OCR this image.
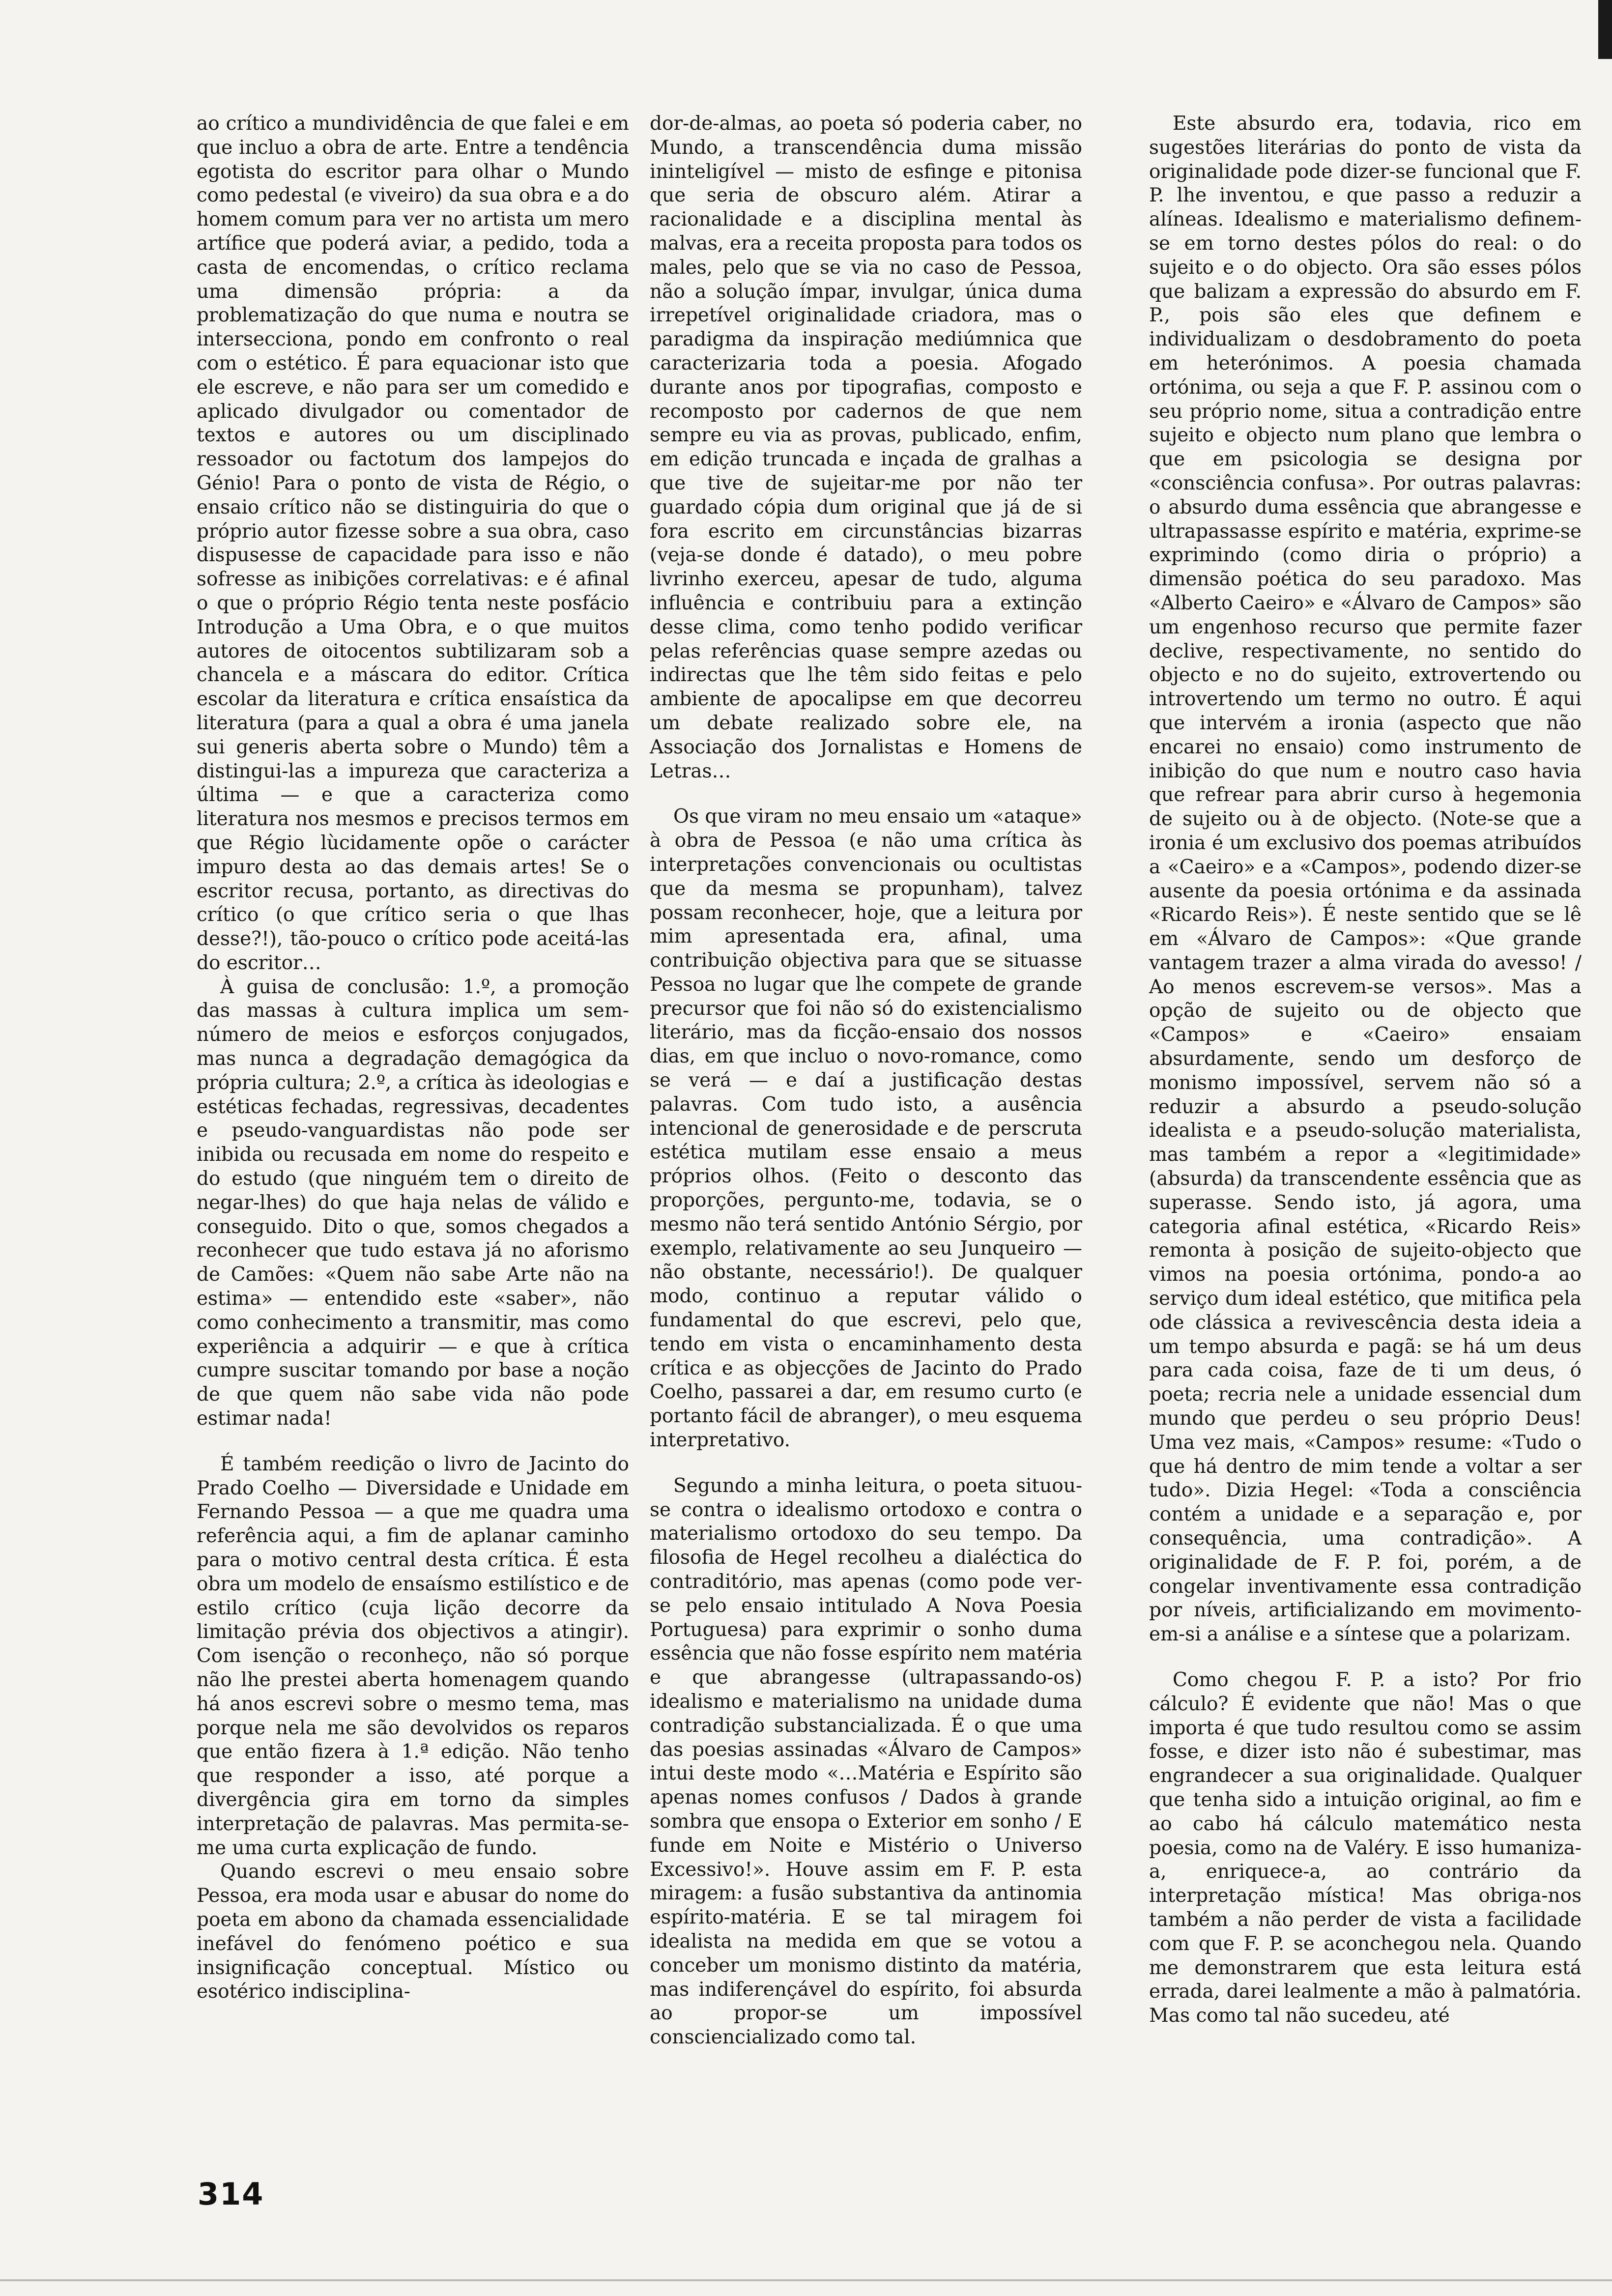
ao crítico a mundividência de que falei e em que incluo a obra de arte. Entre a tendência egotista do escritor para olhar o Mundo como pedestal (e viveiro) da sua obra e a do homem comum para ver no artista um mero artífice que poderá aviar, a pedido, toda a casta de encomendas, o crítico reclama uma dimensão própria: a da problematização do que numa e noutra se intersecciona, pondo em confronto o real com o estético. É para equacionar isto que ele escreve, e não para ser um comedido e aplicado divulgador ou comentador de textos e autores ou um disciplinado ressoador ou factotum dos lampejos do Génio! Para o ponto de vista de Régio, o ensaio crítico não se distinguiria do que o próprio autor fizesse sobre a sua obra, caso dispusesse de capacidade para isso e não sofresse as inibições correlativas: e é afinal o que o próprio Régio tenta neste posfácio Introdução a Uma Obra, e o que muitos autores de oitocentos subtilizaram sob a chancela e a máscara do editor. Crítica escolar da literatura e crítica ensaística da literatura (para a qual a obra é uma janela sui generis aberta sobre o Mundo) têm a distingui-las a impureza que caracteriza a última — e que a caracteriza como literatura nos mesmos e precisos termos em que Régio lùcidamente opõe o carácter impuro desta ao das demais artes! Se o escritor recusa, portanto, as directivas do crítico (o que crítico seria o que lhas desse?!), tão-pouco o crítico pode aceitá-las do escritor…

À guisa de conclusão: 1.º, a promoção das massas à cultura implica um sem-número de meios e esforços conjugados, mas nunca a degradação demagógica da própria cultura; 2.º, a crítica às ideologias e estéticas fechadas, regressivas, decadentes e pseudo-vanguardistas não pode ser inibida ou recusada em nome do respeito e do estudo (que ninguém tem o direito de negar-lhes) do que haja nelas de válido e conseguido. Dito o que, somos chegados a reconhecer que tudo estava já no aforismo de Camões: «Quem não sabe Arte não na estima» — entendido este «saber», não como conhecimento a transmitir, mas como experiência a adquirir — e que à crítica cumpre suscitar tomando por base a noção de que quem não sabe vida não pode estimar nada!

É também reedição o livro de Jacinto do Prado Coelho — Diversidade e Unidade em Fernando Pessoa — a que me quadra uma referência aqui, a fim de aplanar caminho para o motivo central desta crítica. É esta obra um modelo de ensaísmo estilístico e de estilo crítico (cuja lição decorre da limitação prévia dos objectivos a atingir). Com isenção o reconheço, não só porque não lhe prestei aberta homenagem quando há anos escrevi sobre o mesmo tema, mas porque nela me são devolvidos os reparos que então fizera à 1.ª edição. Não tenho que responder a isso, até porque a divergência gira em torno da simples interpretação de palavras. Mas permita-se-me uma curta explicação de fundo.

Quando escrevi o meu ensaio sobre Pessoa, era moda usar e abusar do nome do poeta em abono da chamada essencialidade inefável do fenómeno poético e sua insignificação conceptual. Místico ou esotérico indisciplina-

dor-de-almas, ao poeta só poderia caber, no Mundo, a transcendência duma missão ininteligível — misto de esfinge e pitonisa que seria de obscuro além. Atirar a racionalidade e a disciplina mental às malvas, era a receita proposta para todos os males, pelo que se via no caso de Pessoa, não a solução ímpar, invulgar, única duma irrepetível originalidade criadora, mas o paradigma da inspiração mediúmnica que caracterizaria toda a poesia. Afogado durante anos por tipografias, composto e recomposto por cadernos de que nem sempre eu via as provas, publicado, enfim, em edição truncada e inçada de gralhas a que tive de sujeitar-me por não ter guardado cópia dum original que já de si fora escrito em circunstâncias bizarras (veja-se donde é datado), o meu pobre livrinho exerceu, apesar de tudo, alguma influência e contribuiu para a extinção desse clima, como tenho podido verificar pelas referências quase sempre azedas ou indirectas que lhe têm sido feitas e pelo ambiente de apocalipse em que decorreu um debate realizado sobre ele, na Associação dos Jornalistas e Homens de Letras…

Os que viram no meu ensaio um «ataque» à obra de Pessoa (e não uma crítica às interpretações convencionais ou ocultistas que da mesma se propunham), talvez possam reconhecer, hoje, que a leitura por mim apresentada era, afinal, uma contribuição objectiva para que se situasse Pessoa no lugar que lhe compete de grande precursor que foi não só do existencialismo literário, mas da ficção-ensaio dos nossos dias, em que incluo o novo-romance, como se verá — e daí a justificação destas palavras. Com tudo isto, a ausência intencional de generosidade e de perscruta estética mutilam esse ensaio a meus próprios olhos. (Feito o desconto das proporções, pergunto-me, todavia, se o mesmo não terá sentido António Sérgio, por exemplo, relativamente ao seu Junqueiro — não obstante, necessário!). De qualquer modo, continuo a reputar válido o fundamental do que escrevi, pelo que, tendo em vista o encaminhamento desta crítica e as objecções de Jacinto do Prado Coelho, passarei a dar, em resumo curto (e portanto fácil de abranger), o meu esquema interpretativo.

Segundo a minha leitura, o poeta situou-se contra o idealismo ortodoxo e contra o materialismo ortodoxo do seu tempo. Da filosofia de Hegel recolheu a dialéctica do contraditório, mas apenas (como pode ver-se pelo ensaio intitulado A Nova Poesia Portuguesa) para exprimir o sonho duma essência que não fosse espírito nem matéria e que abrangesse (ultrapassando-os) idealismo e materialismo na unidade duma contradição substancializada. É o que uma das poesias assinadas «Álvaro de Campos» intui deste modo «…Matéria e Espírito são apenas nomes confusos / Dados à grande sombra que ensopa o Exterior em sonho / E funde em Noite e Mistério o Universo Excessivo!». Houve assim em F. P. esta miragem: a fusão substantiva da antinomia espírito-matéria. E se tal miragem foi idealista na medida em que se votou a conceber um monismo distinto da matéria, mas indiferençável do espírito, foi absurda ao propor-se um impossível consciencializado como tal.

Este absurdo era, todavia, rico em sugestões literárias do ponto de vista da originalidade pode dizer-se funcional que F. P. lhe inventou, e que passo a reduzir a alíneas. Idealismo e materialismo definem-se em torno destes pólos do real: o do sujeito e o do objecto. Ora são esses pólos que balizam a expressão do absurdo em F. P., pois são eles que definem e individualizam o desdobramento do poeta em heterónimos. A poesia chamada ortónima, ou seja a que F. P. assinou com o seu próprio nome, situa a contradição entre sujeito e objecto num plano que lembra o que em psicologia se designa por «consciência confusa». Por outras palavras: o absurdo duma essência que abrangesse e ultrapassasse espírito e matéria, exprime-se exprimindo (como diria o próprio) a dimensão poética do seu paradoxo. Mas «Alberto Caeiro» e «Álvaro de Campos» são um engenhoso recurso que permite fazer declive, respectivamente, no sentido do objecto e no do sujeito, extrovertendo ou introvertendo um termo no outro. É aqui que intervém a ironia (aspecto que não encarei no ensaio) como instrumento de inibição do que num e noutro caso havia que refrear para abrir curso à hegemonia de sujeito ou à de objecto. (Note-se que a ironia é um exclusivo dos poemas atribuídos a «Caeiro» e a «Campos», podendo dizer-se ausente da poesia ortónima e da assinada «Ricardo Reis»). É neste sentido que se lê em «Álvaro de Campos»: «Que grande vantagem trazer a alma virada do avesso! / Ao menos escrevem-se versos». Mas a opção de sujeito ou de objecto que «Campos» e «Caeiro» ensaiam absurdamente, sendo um desforço de monismo impossível, servem não só a reduzir a absurdo a pseudo-solução idealista e a pseudo-solução materialista, mas também a repor a «legitimidade» (absurda) da transcendente essência que as superasse. Sendo isto, já agora, uma categoria afinal estética, «Ricardo Reis» remonta à posição de sujeito-objecto que vimos na poesia ortónima, pondo-a ao serviço dum ideal estético, que mitifica pela ode clássica a revivescência desta ideia a um tempo absurda e pagã: se há um deus para cada coisa, faze de ti um deus, ó poeta; recria nele a unidade essencial dum mundo que perdeu o seu próprio Deus! Uma vez mais, «Campos» resume: «Tudo o que há dentro de mim tende a voltar a ser tudo». Dizia Hegel: «Toda a consciência contém a unidade e a separação e, por consequência, uma contradição». A originalidade de F. P. foi, porém, a de congelar inventivamente essa contradição por níveis, artificializando em movimento-em-si a análise e a síntese que a polarizam.

Como chegou F. P. a isto? Por frio cálculo? É evidente que não! Mas o que importa é que tudo resultou como se assim fosse, e dizer isto não é subestimar, mas engrandecer a sua originalidade. Qualquer que tenha sido a intuição original, ao fim e ao cabo há cálculo matemático nesta poesia, como na de Valéry. E isso humaniza-a, enriquece-a, ao contrário da interpretação mística! Mas obriga-nos também a não perder de vista a facilidade com que F. P. se aconchegou nela. Quando me demonstrarem que esta leitura está errada, darei lealmente a mão à palmatória. Mas como tal não sucedeu, até

314
